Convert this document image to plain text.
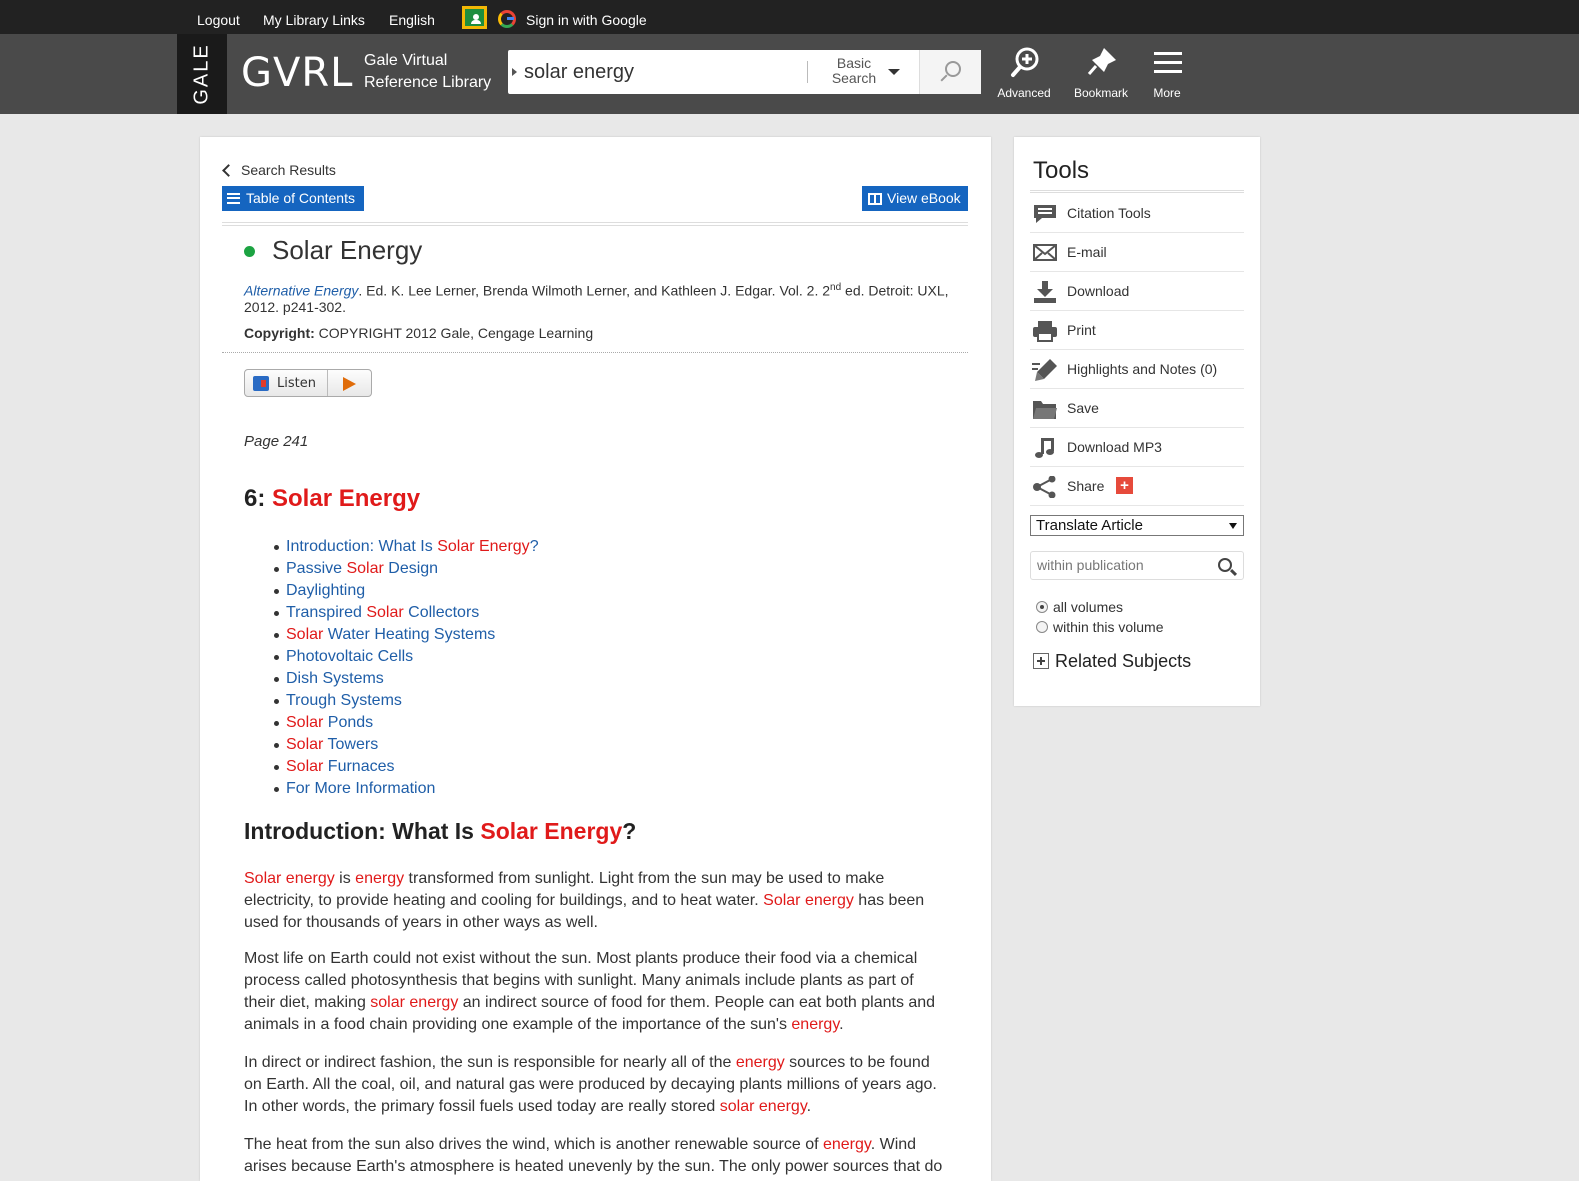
Logout My Library Links English	Sign in with Google
GALE GVRL Gale Virtual
Reference Library
solar energy
Basic
Search
Advanced	Bookmark	More
Search Results
Table of Contents	View eBook
Solar Energy
Alternative Energy. Ed. K. Lee Lerner, Brenda Wilmoth Lerner, and Kathleen J. Edgar. Vol. 2. 2nd ed. Detroit: UXL, 2012. p241-302.
Copyright: COPYRIGHT 2012 Gale, Cengage Learning
Listen
Page 241
6: Solar Energy
Introduction: What Is Solar Energy?
Passive Solar Design
Daylighting
Transpired Solar Collectors
Solar Water Heating Systems
Photovoltaic Cells
Dish Systems
Trough Systems
Solar Ponds
Solar Towers
Solar Furnaces
For More Information
Introduction: What Is Solar Energy?
Solar energy is energy transformed from sunlight. Light from the sun may be used to make electricity, to provide heating and cooling for buildings, and to heat water. Solar energy has been used for thousands of years in other ways as well.
Most life on Earth could not exist without the sun. Most plants produce their food via a chemical process called photosynthesis that begins with sunlight. Many animals include plants as part of their diet, making solar energy an indirect source of food for them. People can eat both plants and animals in a food chain providing one example of the importance of the sun's energy.
In direct or indirect fashion, the sun is responsible for nearly all of the energy sources to be found on Earth. All the coal, oil, and natural gas were produced by decaying plants millions of years ago. In other words, the primary fossil fuels used today are really stored solar energy.
The heat from the sun also drives the wind, which is another renewable source of energy. Wind arises because Earth's atmosphere is heated unevenly by the sun. The only power sources that do
Tools
Citation Tools
E-mail
Download
Print
Highlights and Notes (0)
Save
Download MP3
Share +
Translate Article
within publication
all volumes
within this volume
Related Subjects
